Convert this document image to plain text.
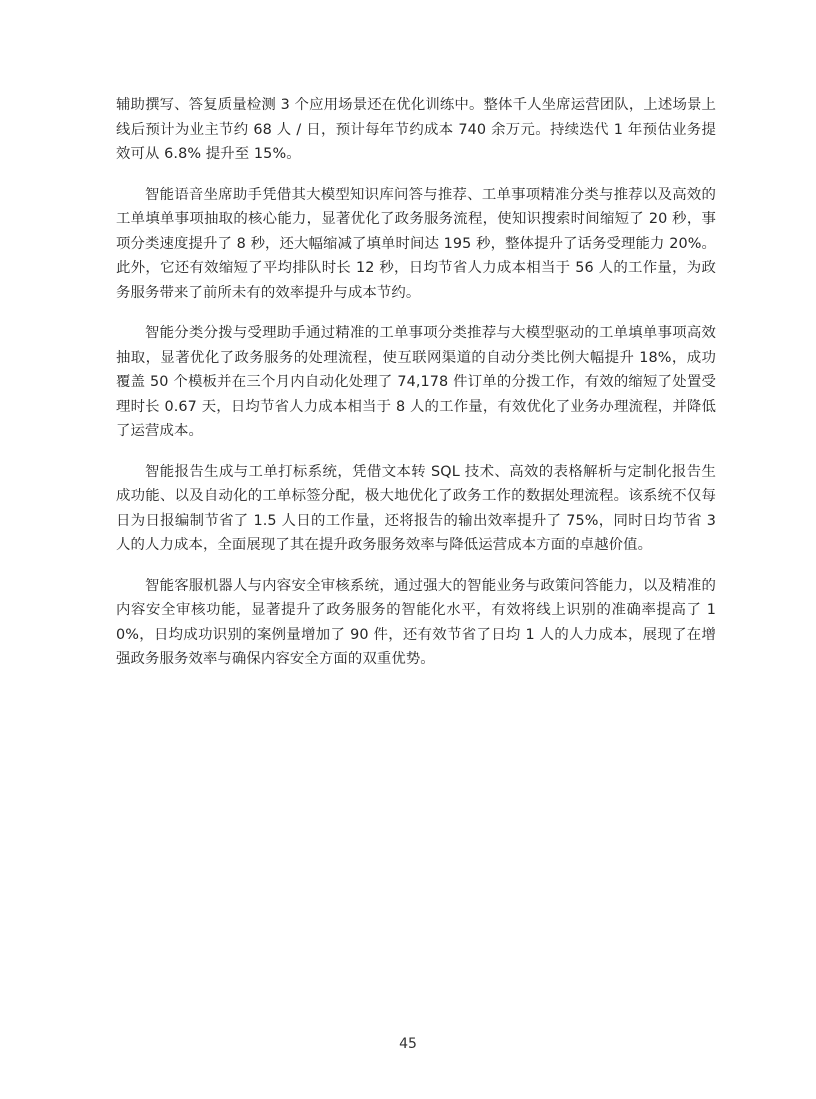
辅助撰写、答复质量检测 3 个应用场景还在优化训练中。整体千人坐席运营团队，上述场景上线后预计为业主节约 68 人 / 日，预计每年节约成本 740 余万元。持续迭代 1 年预估业务提效可从 6.8% 提升至 15%。

智能语音坐席助手凭借其大模型知识库问答与推荐、工单事项精准分类与推荐以及高效的工单填单事项抽取的核心能力，显著优化了政务服务流程，使知识搜索时间缩短了 20 秒，事项分类速度提升了 8 秒，还大幅缩减了填单时间达 195 秒，整体提升了话务受理能力 20%。此外，它还有效缩短了平均排队时长 12 秒，日均节省人力成本相当于 56 人的工作量，为政务服务带来了前所未有的效率提升与成本节约。

智能分类分拨与受理助手通过精准的工单事项分类推荐与大模型驱动的工单填单事项高效抽取，显著优化了政务服务的处理流程，使互联网渠道的自动分类比例大幅提升 18%，成功覆盖 50 个模板并在三个月内自动化处理了 74,178 件订单的分拨工作，有效的缩短了处置受理时长 0.67 天，日均节省人力成本相当于 8 人的工作量，有效优化了业务办理流程，并降低了运营成本。

智能报告生成与工单打标系统，凭借文本转 SQL 技术、高效的表格解析与定制化报告生成功能、以及自动化的工单标签分配，极大地优化了政务工作的数据处理流程。该系统不仅每日为日报编制节省了 1.5 人日的工作量，还将报告的输出效率提升了 75%，同时日均节省 3 人的人力成本，全面展现了其在提升政务服务效率与降低运营成本方面的卓越价值。

智能客服机器人与内容安全审核系统，通过强大的智能业务与政策问答能力，以及精准的内容安全审核功能，显著提升了政务服务的智能化水平，有效将线上识别的准确率提高了 10%，日均成功识别的案例量增加了 90 件，还有效节省了日均 1 人的人力成本，展现了在增强政务服务效率与确保内容安全方面的双重优势。

45
